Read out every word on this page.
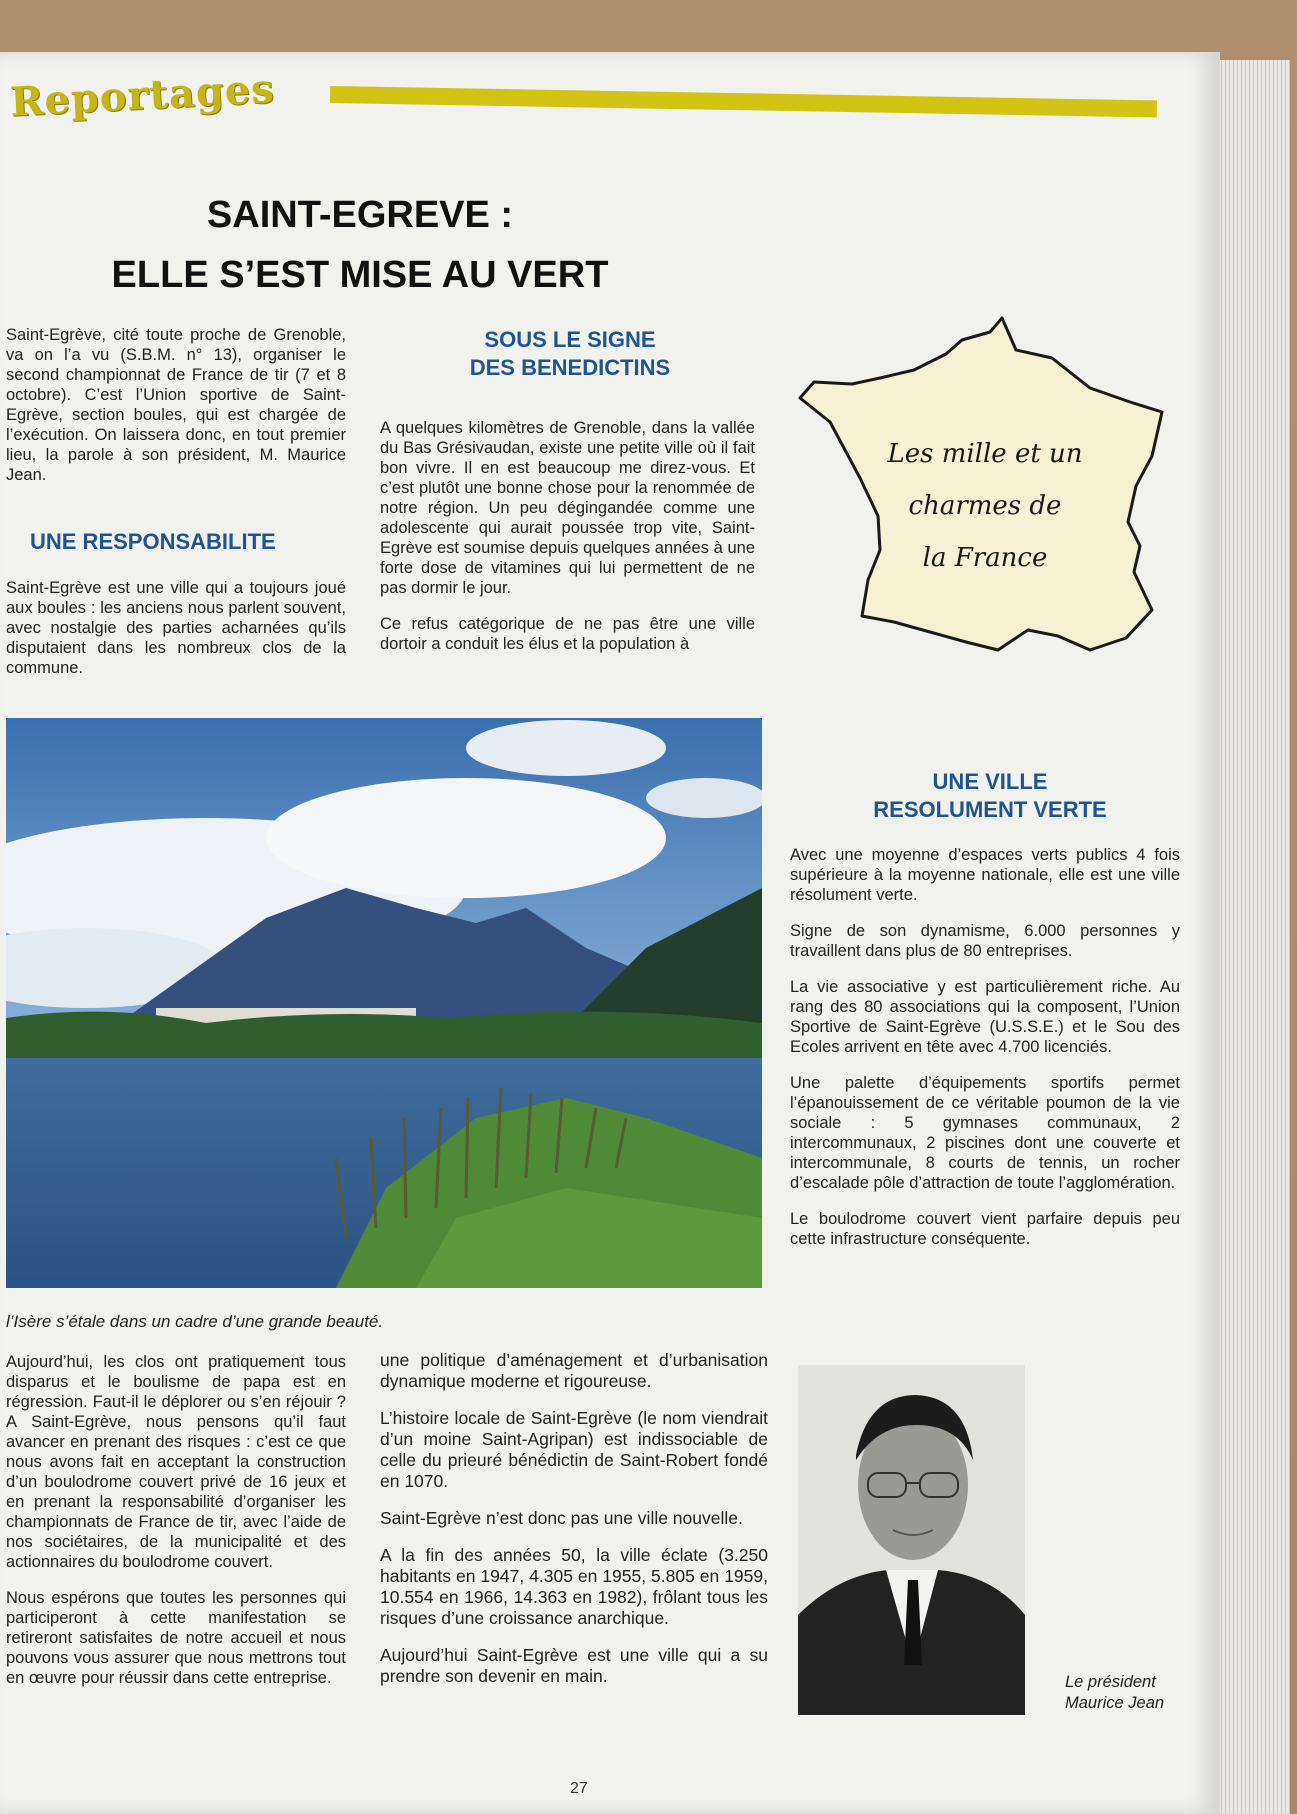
Reportages
SAINT-EGREVE :
ELLE S’EST MISE AU VERT

Saint-Egrève, cité toute proche de Grenoble, va on l’a vu (S.B.M. n° 13), organiser le second championnat de France de tir (7 et 8 octobre). C’est l’Union sportive de Saint-Egrève, section boules, qui est chargée de l’exécution. On laissera donc, en tout premier lieu, la parole à son président, M. Maurice Jean.

UNE RESPONSABILITE

Saint-Egrève est une ville qui a toujours joué aux boules : les anciens nous parlent souvent, avec nostalgie des parties acharnées qu’ils disputaient dans les nombreux clos de la commune.

SOUS LE SIGNE
DES BENEDICTINS

A quelques kilomètres de Grenoble, dans la vallée du Bas Grésivaudan, existe une petite ville où il fait bon vivre. Il en est beaucoup me direz-vous. Et c’est plutôt une bonne chose pour la renommée de notre région. Un peu dégingandée comme une adolescente qui aurait poussée trop vite, Saint-Egrève est soumise depuis quelques années à une forte dose de vitamines qui lui permettent de ne pas dormir le jour.

Ce refus catégorique de ne pas être une ville dortoir a conduit les élus et la population à

Les mille et un
charmes de
la France
l’Isère s’étale dans un cadre d’une grande beauté.
UNE VILLE
RESOLUMENT VERTE

Avec une moyenne d’espaces verts publics 4 fois supérieure à la moyenne nationale, elle est une ville résolument verte.

Signe de son dynamisme, 6.000 personnes y travaillent dans plus de 80 entreprises.

La vie associative y est particulièrement riche. Au rang des 80 associations qui la composent, l’Union Sportive de Saint-Egrève (U.S.S.E.) et le Sou des Ecoles arrivent en tête avec 4.700 licenciés.

Une palette d’équipements sportifs permet l’épanouissement de ce véritable poumon de la vie sociale : 5 gymnases communaux, 2 intercommunaux, 2 piscines dont une couverte et intercommunale, 8 courts de tennis, un rocher d’escalade pôle d’attraction de toute l’agglomération.

Le boulodrome couvert vient parfaire depuis peu cette infrastructure conséquente.

Aujourd’hui, les clos ont pratiquement tous disparus et le boulisme de papa est en régression. Faut-il le déplorer ou s’en réjouir ? A Saint-Egrève, nous pensons qu’il faut avancer en prenant des risques : c’est ce que nous avons fait en acceptant la construction d’un boulodrome couvert privé de 16 jeux et en prenant la responsabilité d’organiser les championnats de France de tir, avec l’aide de nos sociétaires, de la municipalité et des actionnaires du boulodrome couvert.

Nous espérons que toutes les personnes qui participeront à cette manifestation se retireront satisfaites de notre accueil et nous pouvons vous assurer que nous mettrons tout en œuvre pour réussir dans cette entreprise.

une politique d’aménagement et d’urbanisation dynamique moderne et rigoureuse.

L’histoire locale de Saint-Egrève (le nom viendrait d’un moine Saint-Agripan) est indissociable de celle du prieuré bénédictin de Saint-Robert fondé en 1070.

Saint-Egrève n’est donc pas une ville nouvelle.

A la fin des années 50, la ville éclate (3.250 habitants en 1947, 4.305 en 1955, 5.805 en 1959, 10.554 en 1966, 14.363 en 1982), frôlant tous les risques d’une croissance anarchique.

Aujourd’hui Saint-Egrève est une ville qui a su prendre son devenir en main.	Le président
Maurice Jean
27
